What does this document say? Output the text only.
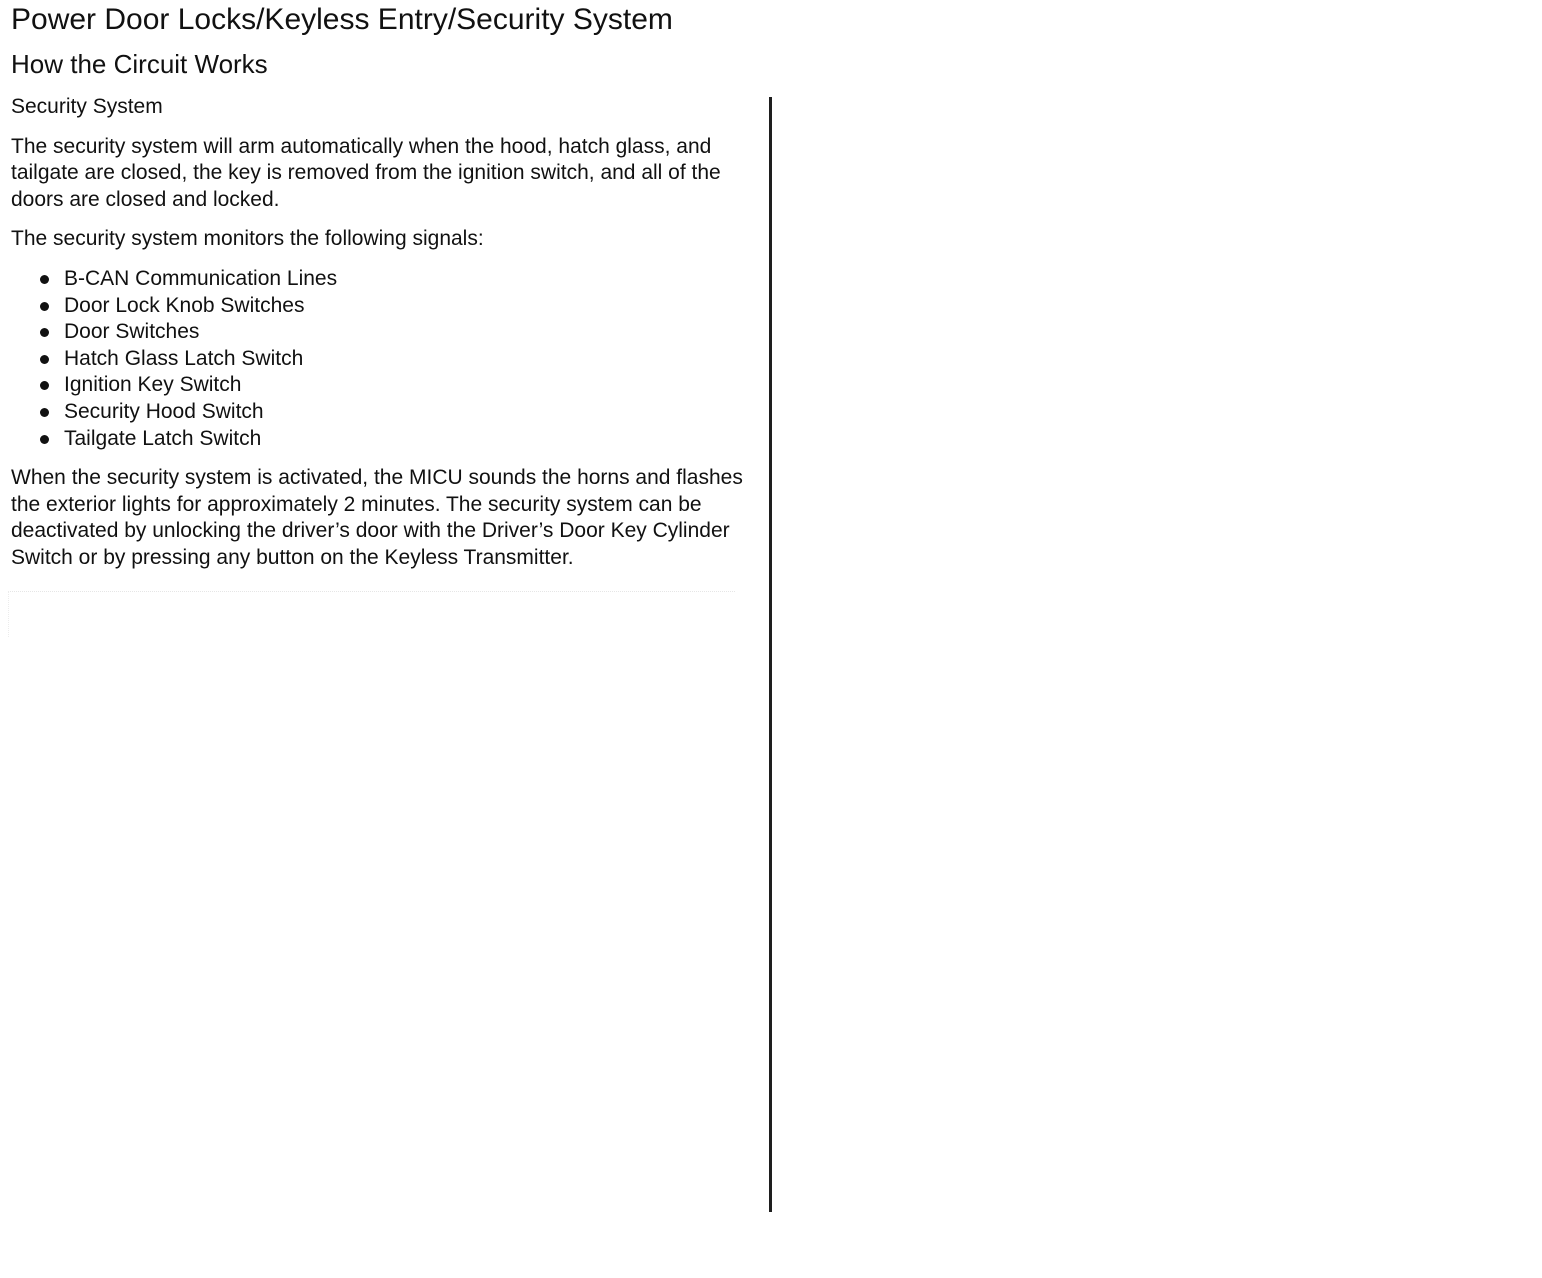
Power Door Locks/Keyless Entry/Security System
How the Circuit Works
Security System

The security system will arm automatically when the hood, hatch glass, and tailgate are closed, the key is removed from the ignition switch, and all of the doors are closed and locked.

The security system monitors the following signals:

B-CAN Communication Lines
Door Lock Knob Switches
Door Switches
Hatch Glass Latch Switch
Ignition Key Switch
Security Hood Switch
Tailgate Latch Switch

When the security system is activated, the MICU sounds the horns and flashes the exterior lights for approximately 2 minutes. The security system can be deactivated by unlocking the driver’s door with the Driver’s Door Key Cylinder Switch or by pressing any button on the Keyless Transmitter.
